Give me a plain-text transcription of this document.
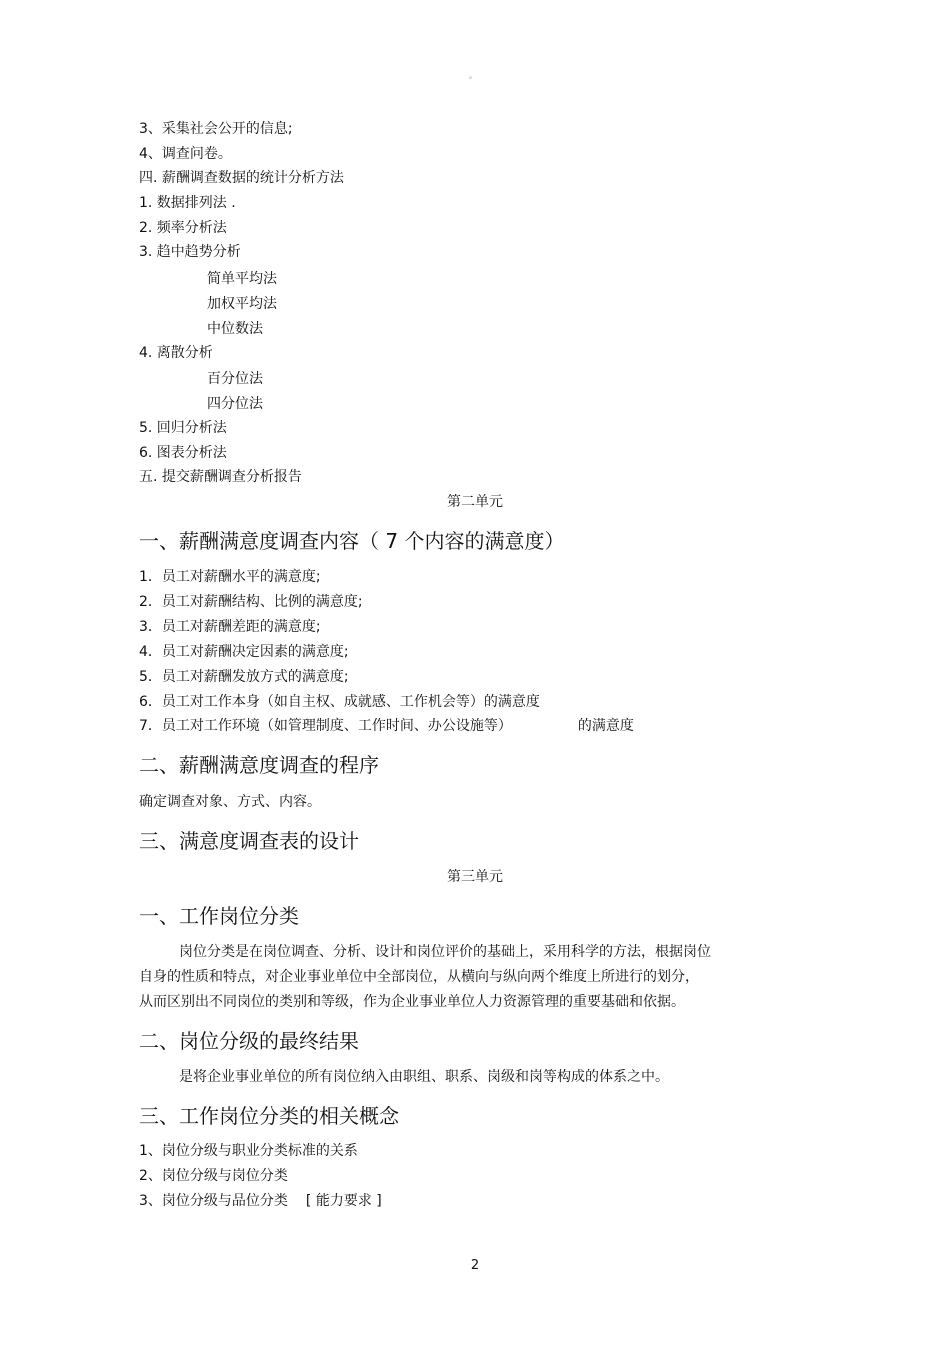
。
3、采集社会公开的信息;
4、调查问卷。
四. 薪酬调查数据的统计分析方法
1. 数据排列法 .
2. 频率分析法
3. 趋中趋势分析
简单平均法
加权平均法
中位数法
4. 离散分析
百分位法
四分位法
5. 回归分析法
6. 图表分析法
五. 提交薪酬调查分析报告
第二单元
一、薪酬满意度调查内容（ 7 个内容的满意度）
1．员工对薪酬水平的满意度;
2．员工对薪酬结构、比例的满意度;
3．员工对薪酬差距的满意度;
4．员工对薪酬决定因素的满意度;
5．员工对薪酬发放方式的满意度;
6．员工对工作本身（如自主权、成就感、工作机会等）的满意度
7．员工对工作环境（如管理制度、工作时间、办公设施等）	的满意度
二、薪酬满意度调查的程序
确定调查对象、方式、内容。
三、满意度调查表的设计
第三单元
一、工作岗位分类
岗位分类是在岗位调查、分析、设计和岗位评价的基础上，采用科学的方法，根据岗位
自身的性质和特点，对企业事业单位中全部岗位，从横向与纵向两个维度上所进行的划分，
从而区别出不同岗位的类别和等级，作为企业事业单位人力资源管理的重要基础和依据。
二、岗位分级的最终结果
是将企业事业单位的所有岗位纳入由职组、职系、岗级和岗等构成的体系之中。
三、工作岗位分类的相关概念
1、岗位分级与职业分类标准的关系
2、岗位分级与岗位分类
3、岗位分级与品位分类 [ 能力要求 ]
2
